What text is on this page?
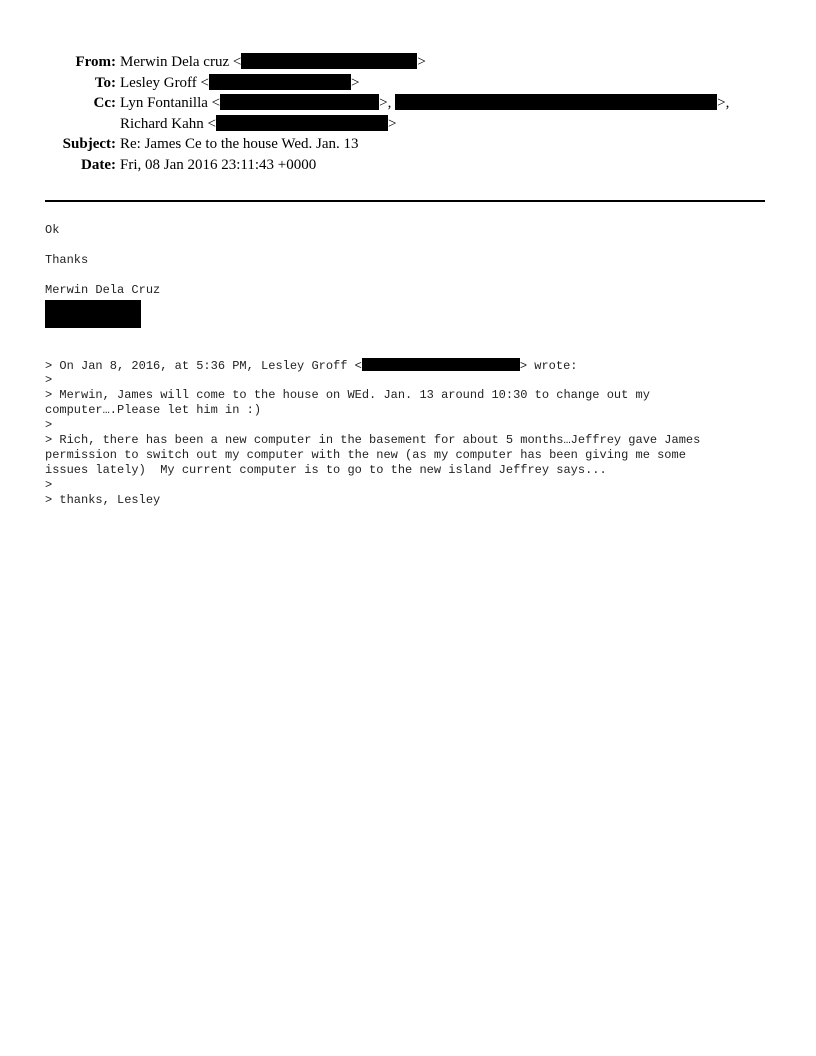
From: Merwin Dela cruz <	>
To: Lesley Groff <	>
Cc: Lyn Fontanilla <	>,	>,
Richard Kahn <	>
Subject: Re: James Ce to the house Wed. Jan. 13
Date: Fri, 08 Jan 2016 23:11:43 +0000
Ok
Thanks
Merwin Dela Cruz
> On Jan 8, 2016, at 5:36 PM, Lesley Groff <	> wrote:
>
> Merwin, James will come to the house on WEd. Jan. 13 around 10:30 to change out my
computer….Please let him in :)
>
> Rich, there has been a new computer in the basement for about 5 months…Jeffrey gave James
permission to switch out my computer with the new (as my computer has been giving me some
issues lately)  My current computer is to go to the new island Jeffrey says...
>
> thanks, Lesley
